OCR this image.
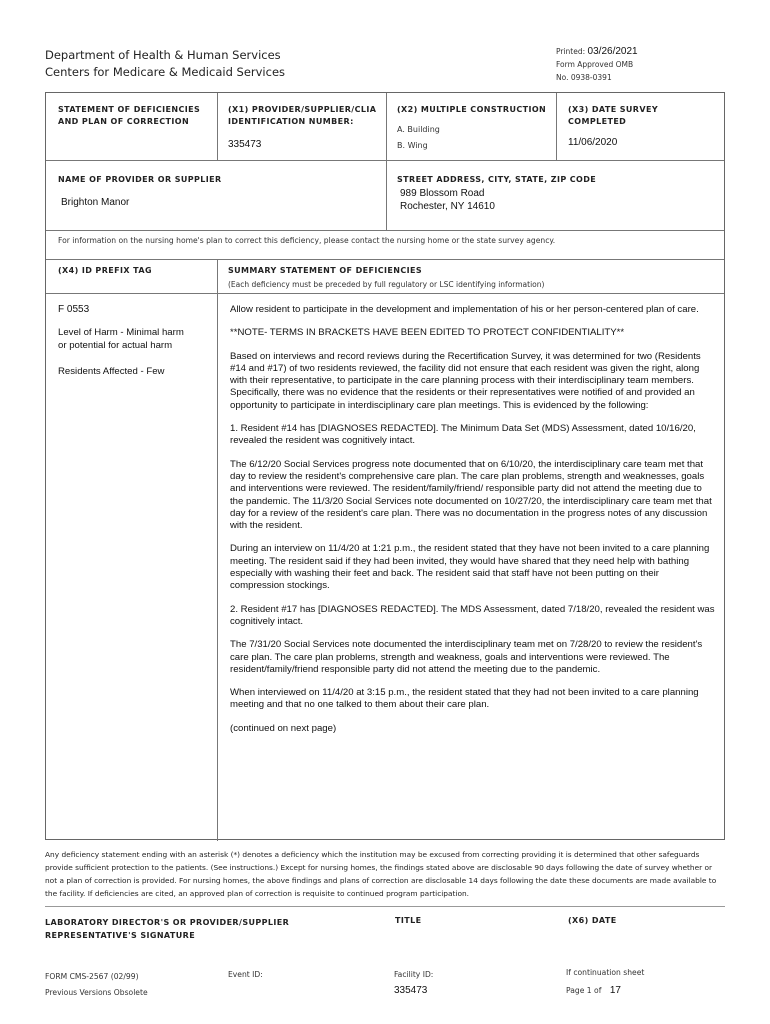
Department of Health & Human Services
Centers for Medicare & Medicaid Services
Printed: 03/26/2021
Form Approved OMB
No. 0938-0391
STATEMENT OF DEFICIENCIES
AND PLAN OF CORRECTION
(X1) PROVIDER/SUPPLIER/CLIA
IDENTIFICATION NUMBER:
335473
(X2) MULTIPLE CONSTRUCTION
A. Building
B. Wing
(X3) DATE SURVEY
COMPLETED
11/06/2020
NAME OF PROVIDER OR SUPPLIER
Brighton Manor
STREET ADDRESS, CITY, STATE, ZIP CODE
989 Blossom Road
Rochester, NY 14610
For information on the nursing home's plan to correct this deficiency, please contact the nursing home or the state survey agency.
(X4) ID PREFIX TAG	SUMMARY STATEMENT OF DEFICIENCIES
(Each deficiency must be preceded by full regulatory or LSC identifying information)
F 0553
Level of Harm - Minimal harm
or potential for actual harm
Residents Affected - Few

Allow resident to participate in the development and implementation of his or her person-centered plan of care.

**NOTE- TERMS IN BRACKETS HAVE BEEN EDITED TO PROTECT CONFIDENTIALITY**

Based on interviews and record reviews during the Recertification Survey, it was determined for two (Residents #14 and #17) of two residents reviewed, the facility did not ensure that each resident was given the right, along with their representative, to participate in the care planning process with their interdisciplinary team members. Specifically, there was no evidence that the residents or their representatives were notified of and provided an opportunity to participate in interdisciplinary care plan meetings. This is evidenced by the following:

1. Resident #14 has [DIAGNOSES REDACTED]. The Minimum Data Set (MDS) Assessment, dated 10/16/20, revealed the resident was cognitively intact.

The 6/12/20 Social Services progress note documented that on 6/10/20, the interdisciplinary care team met that day to review the resident's comprehensive care plan. The care plan problems, strength and weaknesses, goals and interventions were reviewed. The resident/family/friend/ responsible party did not attend the meeting due to the pandemic. The 11/3/20 Social Services note documented on 10/27/20, the interdisciplinary care team met that day for a review of the resident's care plan. There was no documentation in the progress notes of any discussion with the resident.

During an interview on 11/4/20 at 1:21 p.m., the resident stated that they have not been invited to a care planning meeting. The resident said if they had been invited, they would have shared that they need help with bathing especially with washing their feet and back. The resident said that staff have not been putting on their compression stockings.

2. Resident #17 has [DIAGNOSES REDACTED]. The MDS Assessment, dated 7/18/20, revealed the resident was cognitively intact.

The 7/31/20 Social Services note documented the interdisciplinary team met on 7/28/20 to review the resident's care plan. The care plan problems, strength and weakness, goals and interventions were reviewed. The resident/family/friend responsible party did not attend the meeting due to the pandemic.

When interviewed on 11/4/20 at 3:15 p.m., the resident stated that they had not been invited to a care planning meeting and that no one talked to them about their care plan.

(continued on next page)

Any deficiency statement ending with an asterisk (*) denotes a deficiency which the institution may be excused from correcting providing it is determined that other safeguards provide sufficient protection to the patients. (See instructions.) Except for nursing homes, the findings stated above are disclosable 90 days following the date of survey whether or not a plan of correction is provided. For nursing homes, the above findings and plans of correction are disclosable 14 days following the date these documents are made available to the facility. If deficiencies are cited, an approved plan of correction is requisite to continued program participation.
LABORATORY DIRECTOR'S OR PROVIDER/SUPPLIER
REPRESENTATIVE'S SIGNATURE
TITLE	(X6) DATE
FORM CMS-2567 (02/99)
Previous Versions Obsolete
Event ID:	Facility ID:
335473
If continuation sheet
Page 1 of 17
